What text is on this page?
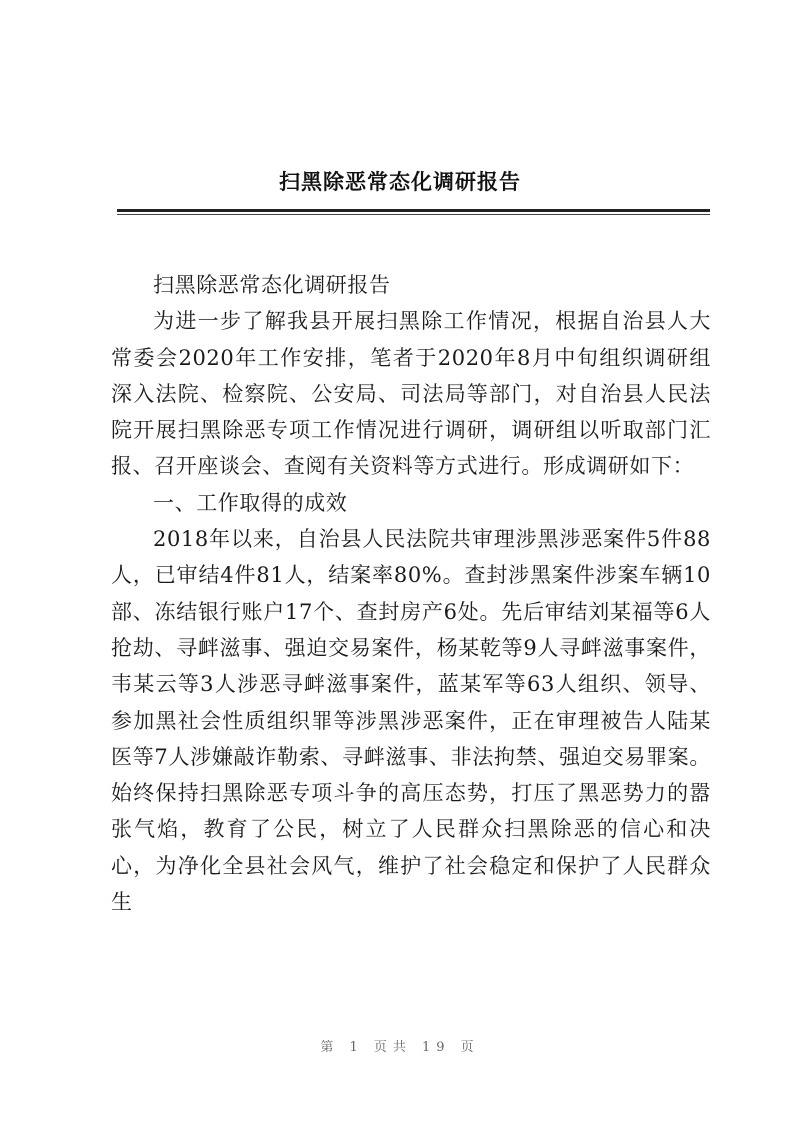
扫黑除恶常态化调研报告

扫黑除恶常态化调研报告

为进一步了解我县开展扫黑除工作情况，根据自治县人大常委会2020年工作安排，笔者于2020年8月中旬组织调研组深入法院、检察院、公安局、司法局等部门，对自治县人民法院开展扫黑除恶专项工作情况进行调研，调研组以听取部门汇报、召开座谈会、查阅有关资料等方式进行。形成调研如下：

一、工作取得的成效

2018年以来，自治县人民法院共审理涉黑涉恶案件5件88人，已审结4件81人，结案率80%。查封涉黑案件涉案车辆10部、冻结银行账户17个、查封房产6处。先后审结刘某福等6人抢劫、寻衅滋事、强迫交易案件，杨某乾等9人寻衅滋事案件，韦某云等3人涉恶寻衅滋事案件，蓝某军等63人组织、领导、参加黑社会性质组织罪等涉黑涉恶案件，正在审理被告人陆某医等7人涉嫌敲诈勒索、寻衅滋事、非法拘禁、强迫交易罪案。始终保持扫黑除恶专项斗争的高压态势，打压了黑恶势力的嚣张气焰，教育了公民，树立了人民群众扫黑除恶的信心和决心，为净化全县社会风气，维护了社会稳定和保护了人民群众生

第 1 页共 19 页
